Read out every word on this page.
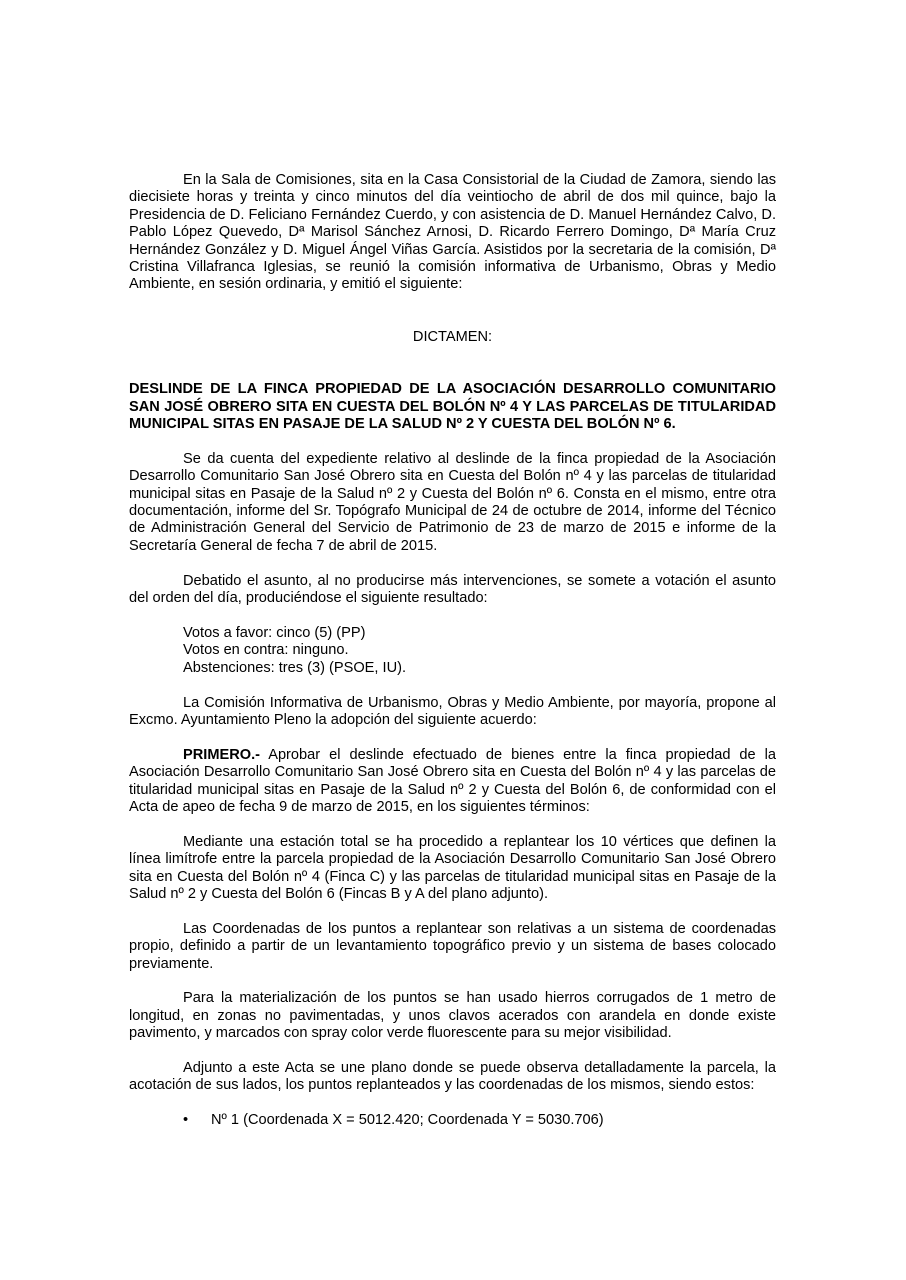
En la Sala de Comisiones, sita en la Casa Consistorial de la Ciudad de Zamora, siendo las diecisiete horas y treinta y cinco minutos del día veintiocho de abril de dos mil quince, bajo la Presidencia de D. Feliciano Fernández Cuerdo, y con asistencia de D. Manuel Hernández Calvo, D. Pablo López Quevedo, Dª Marisol Sánchez Arnosi, D. Ricardo Ferrero Domingo, Dª María Cruz Hernández González y D. Miguel Ángel Viñas García. Asistidos por la secretaria de la comisión, Dª Cristina Villafranca Iglesias, se reunió la comisión informativa de Urbanismo, Obras y Medio Ambiente, en sesión ordinaria, y emitió el siguiente:

DICTAMEN:

DESLINDE DE LA FINCA PROPIEDAD DE LA ASOCIACIÓN DESARROLLO COMUNITARIO SAN JOSÉ OBRERO SITA EN CUESTA DEL BOLÓN Nº 4 Y LAS PARCELAS DE TITULARIDAD MUNICIPAL SITAS EN PASAJE DE LA SALUD Nº 2 Y CUESTA DEL BOLÓN Nº 6.

Se da cuenta del expediente relativo al deslinde de la finca propiedad de la Asociación Desarrollo Comunitario San José Obrero sita en Cuesta del Bolón nº 4 y las parcelas de titularidad municipal sitas en Pasaje de la Salud nº 2 y Cuesta del Bolón nº 6. Consta en el mismo, entre otra documentación, informe del Sr. Topógrafo Municipal de 24 de octubre de 2014, informe del Técnico de Administración General del Servicio de Patrimonio de 23 de marzo de 2015 e informe de la Secretaría General de fecha 7 de abril de 2015.

Debatido el asunto, al no producirse más intervenciones, se somete a votación el asunto del orden del día, produciéndose el siguiente resultado:

Votos a favor: cinco (5) (PP)
Votos en contra: ninguno.
Abstenciones: tres (3) (PSOE, IU).

La Comisión Informativa de Urbanismo, Obras y Medio Ambiente, por mayoría, propone al Excmo. Ayuntamiento Pleno la adopción del siguiente acuerdo:

PRIMERO.- Aprobar el deslinde efectuado de bienes entre la finca propiedad de la Asociación Desarrollo Comunitario San José Obrero sita en Cuesta del Bolón nº 4 y las parcelas de titularidad municipal sitas en Pasaje de la Salud nº 2 y Cuesta del Bolón 6, de conformidad con el Acta de apeo de fecha 9 de marzo de 2015, en los siguientes términos:

Mediante una estación total se ha procedido a replantear los 10 vértices que definen la línea limítrofe entre la parcela propiedad de la Asociación Desarrollo Comunitario San José Obrero sita en Cuesta del Bolón nº 4 (Finca C) y las parcelas de titularidad municipal sitas en Pasaje de la Salud nº 2 y Cuesta del Bolón 6 (Fincas B y A del plano adjunto).

Las Coordenadas de los puntos a replantear son relativas a un sistema de coordenadas propio, definido a partir de un levantamiento topográfico previo y un sistema de bases colocado previamente.

Para la materialización de los puntos se han usado hierros corrugados de 1 metro de longitud, en zonas no pavimentadas, y unos clavos acerados con arandela en donde existe pavimento, y marcados con spray color verde fluorescente para su mejor visibilidad.

Adjunto a este Acta se une plano donde se puede observa detalladamente la parcela, la acotación de sus lados, los puntos replanteados y las coordenadas de los mismos, siendo estos:

• Nº 1 (Coordenada X = 5012.420; Coordenada Y = 5030.706)
